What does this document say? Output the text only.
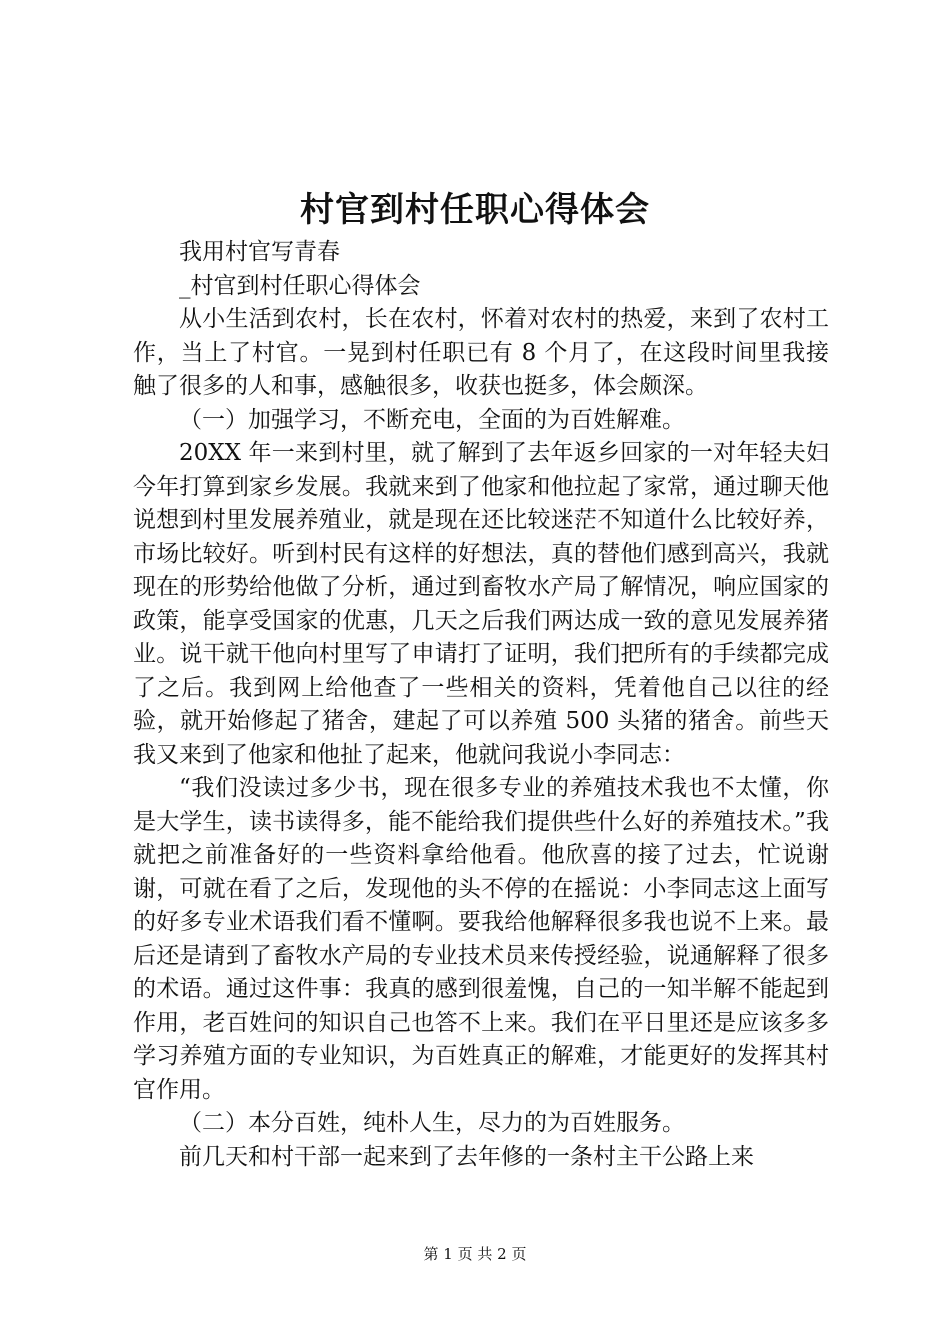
村官到村任职心得体会

我用村官写青春

_村官到村任职心得体会

从小生活到农村，长在农村，怀着对农村的热爱，来到了农村工作，当上了村官。一晃到村任职已有 8 个月了，在这段时间里我接触了很多的人和事，感触很多，收获也挺多，体会颇深。

（一）加强学习，不断充电，全面的为百姓解难。

20XX 年一来到村里，就了解到了去年返乡回家的一对年轻夫妇今年打算到家乡发展。我就来到了他家和他拉起了家常，通过聊天他说想到村里发展养殖业，就是现在还比较迷茫不知道什么比较好养，市场比较好。听到村民有这样的好想法，真的替他们感到高兴，我就现在的形势给他做了分析，通过到畜牧水产局了解情况，响应国家的政策，能享受国家的优惠，几天之后我们两达成一致的意见发展养猪业。说干就干他向村里写了申请打了证明，我们把所有的手续都完成了之后。我到网上给他查了一些相关的资料，凭着他自己以往的经验，就开始修起了猪舍，建起了可以养殖 500 头猪的猪舍。前些天我又来到了他家和他扯了起来，他就问我说小李同志：

“我们没读过多少书，现在很多专业的养殖技术我也不太懂，你是大学生，读书读得多，能不能给我们提供些什么好的养殖技术。”我就把之前准备好的一些资料拿给他看。他欣喜的接了过去，忙说谢谢，可就在看了之后，发现他的头不停的在摇说：小李同志这上面写的好多专业术语我们看不懂啊。要我给他解释很多我也说不上来。最后还是请到了畜牧水产局的专业技术员来传授经验，说通解释了很多的术语。通过这件事：我真的感到很羞愧，自己的一知半解不能起到作用，老百姓问的知识自己也答不上来。我们在平日里还是应该多多学习养殖方面的专业知识，为百姓真正的解难，才能更好的发挥其村官作用。

（二）本分百姓，纯朴人生，尽力的为百姓服务。

前几天和村干部一起来到了去年修的一条村主干公路上来

第 1 页 共 2 页
